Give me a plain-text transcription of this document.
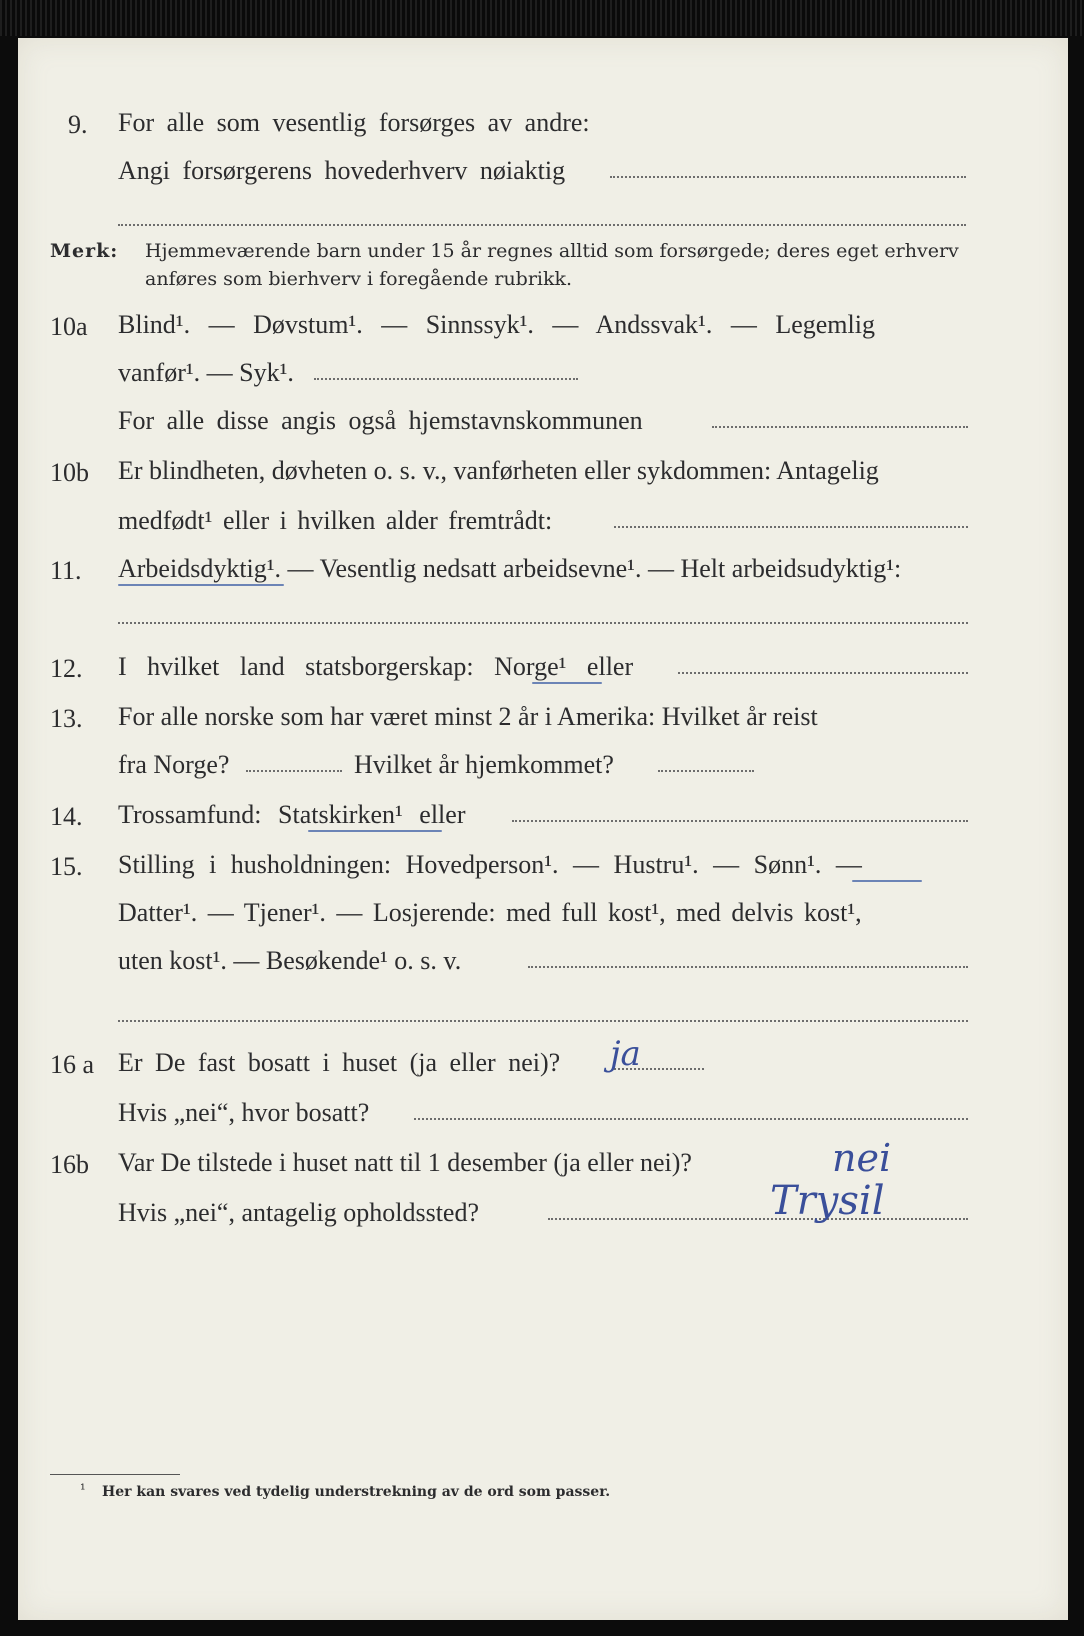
9. For alle som vesentlig forsørges av andre:
Angi forsørgerens hovederhverv nøiaktig
Merk: Hjemmeværende barn under 15 år regnes alltid som forsørgede; deres eget erhverv
anføres som bierhverv i foregående rubrikk.
10a Blind¹. — Døvstum¹. — Sinnssyk¹. — Andssvak¹. — Legemlig
vanfør¹. — Syk¹.
For alle disse angis også hjemstavnskommunen
10b Er blindheten, døvheten o. s. v., vanførheten eller sykdommen: Antagelig
medfødt¹ eller i hvilken alder fremtrådt:
11. Arbeidsdyktig¹. — Vesentlig nedsatt arbeidsevne¹. — Helt arbeidsudyktig¹:
12. I hvilket land statsborgerskap: Norge¹ eller
13. For alle norske som har været minst 2 år i Amerika: Hvilket år reist
fra Norge?	Hvilket år hjemkommet?
14. Trossamfund: Statskirken¹ eller
15. Stilling i husholdningen: Hovedperson¹. — Hustru¹. — Sønn¹. —
Datter¹. — Tjener¹. — Losjerende: med full kost¹, med delvis kost¹,
uten kost¹. — Besøkende¹ o. s. v.
16 a Er De fast bosatt i huset (ja eller nei)? ja
Hvis „nei“, hvor bosatt?
16b Var De tilstede i huset natt til 1 desember (ja eller nei)?	nei
Hvis „nei“, antagelig opholdssted?	Trysil
¹ Her kan svares ved tydelig understrekning av de ord som passer.
